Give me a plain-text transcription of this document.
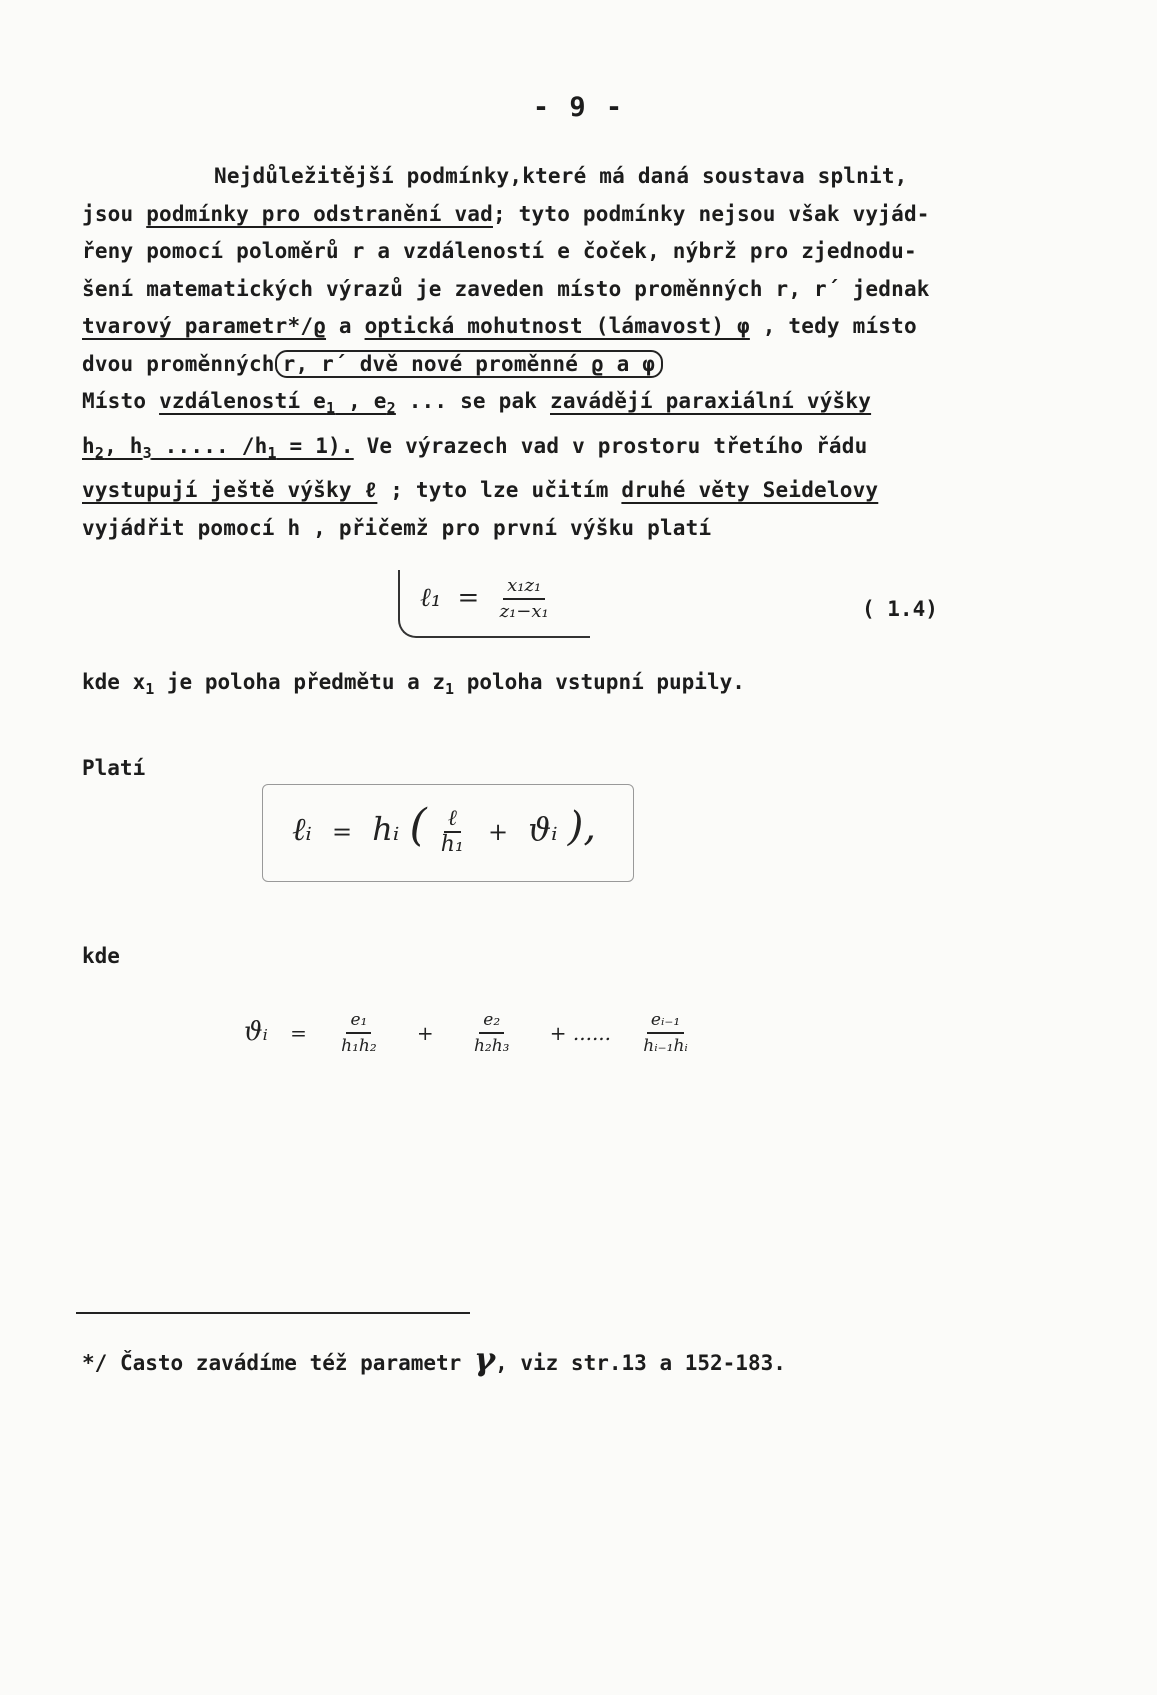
- 9 -
Nejdůležitější podmínky,které má daná soustava splnit,
jsou podmínky pro odstranění vad; tyto podmínky nejsou však vyjád-
řeny pomocí poloměrů r a vzdáleností e čoček, nýbrž pro zjednodu-
šení matematických výrazů je zaveden místo proměnných r, r´ jednak
tvarový parametr*/ϱ a optická mohutnost (lámavost) φ , tedy místo
dvou proměnných r, r´ dvě nové proměnné ϱ a φ
Místo vzdáleností $e_1$ , $e_2$ ... se pak zavádějí paraxiální výšky
$h_2$, $h_3$ ..... $/h_1 = 1$). Ve výrazech vad v prostoru třetího řádu
vystupují ještě výšky ℓ ; tyto lze učitím druhé věty Seidelovy
vyjádřit pomocí h , přičemž pro první výšku platí
ℓ₁ = $\frac{\text{x₁z₁}}{\text{z₁−x₁}}$	( 1.4)
kde $x_1$ je poloha předmětu a $z_1$ poloha vstupní pupily.
Platí
ℓᵢ = hᵢ ( $\frac{\text{ℓ}}{\text{h₁}}$ + ϑᵢ ),
kde
ϑᵢ = $\frac{\text{e₁}}{\text{h₁h₂}} + \frac{\text{e₂}}{\text{h₂h₃}}$ + ...... $\frac{\text{eᵢ₋₁}}{\text{hᵢ₋₁hᵢ}}$
*/ Často zavádíme též parametr γ, viz str.13 a 152-183.
